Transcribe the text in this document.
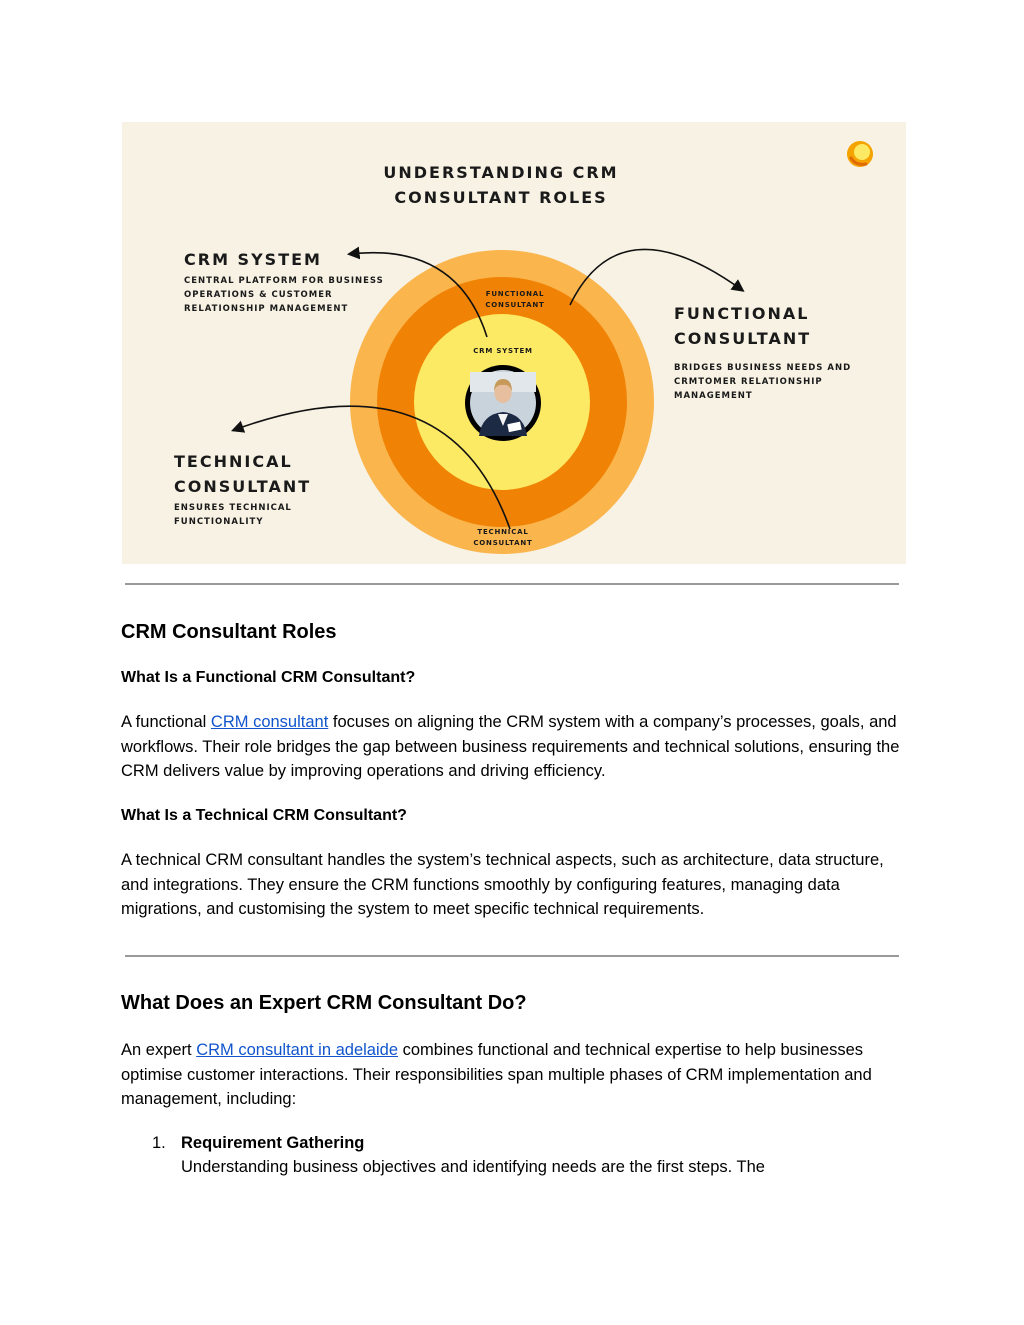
UNDERSTANDING CRM
CONSULTANT ROLES
CRM SYSTEM
CENTRAL PLATFORM FOR BUSINESS
OPERATIONS & CUSTOMER
RELATIONSHIP MANAGEMENT	FUNCTIONAL
CONSULTANT
BRIDGES BUSINESS NEEDS AND
CRMTOMER RELATIONSHIP
MANAGEMENT
TECHNICAL
CONSULTANT
ENSURES TECHNICAL
FUNCTIONALITY
FUNCTIONAL
CONSULTANT
CRM SYSTEM
TECHNICAL
CONSULTANT
CRM Consultant Roles
What Is a Functional CRM Consultant?

A functional CRM consultant focuses on aligning the CRM system with a company’s processes, goals, and workflows. Their role bridges the gap between business requirements and technical solutions, ensuring the CRM delivers value by improving operations and driving efficiency.

What Is a Technical CRM Consultant?

A technical CRM consultant handles the system’s technical aspects, such as architecture, data structure, and integrations. They ensure the CRM functions smoothly by configuring features, managing data migrations, and customising the system to meet specific technical requirements.

What Does an Expert CRM Consultant Do?

An expert CRM consultant in adelaide combines functional and technical expertise to help businesses optimise customer interactions. Their responsibilities span multiple phases of CRM implementation and management, including:

1. Requirement Gathering
Understanding business objectives and identifying needs are the first steps. The
